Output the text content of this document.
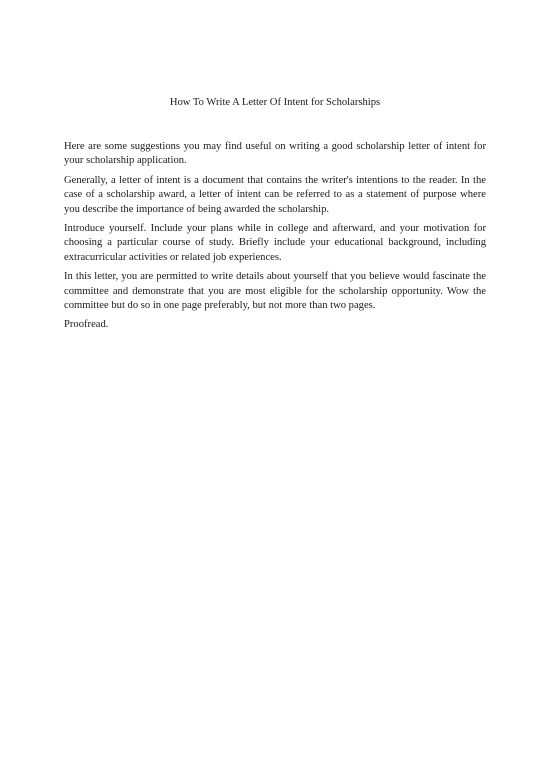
How To Write A Letter Of Intent for Scholarships

Here are some suggestions you may find useful on writing a good scholarship letter of intent for your scholarship application.

Generally, a letter of intent is a document that contains the writer's intentions to the reader. In the case of a scholarship award, a letter of intent can be referred to as a statement of purpose where you describe the importance of being awarded the scholarship.

Introduce yourself. Include your plans while in college and afterward, and your motivation for choosing a particular course of study. Briefly include your educational background, including extracurricular activities or related job experiences.

In this letter, you are permitted to write details about yourself that you believe would fascinate the committee and demonstrate that you are most eligible for the scholarship opportunity. Wow the committee but do so in one page preferably, but not more than two pages.

Proofread.
